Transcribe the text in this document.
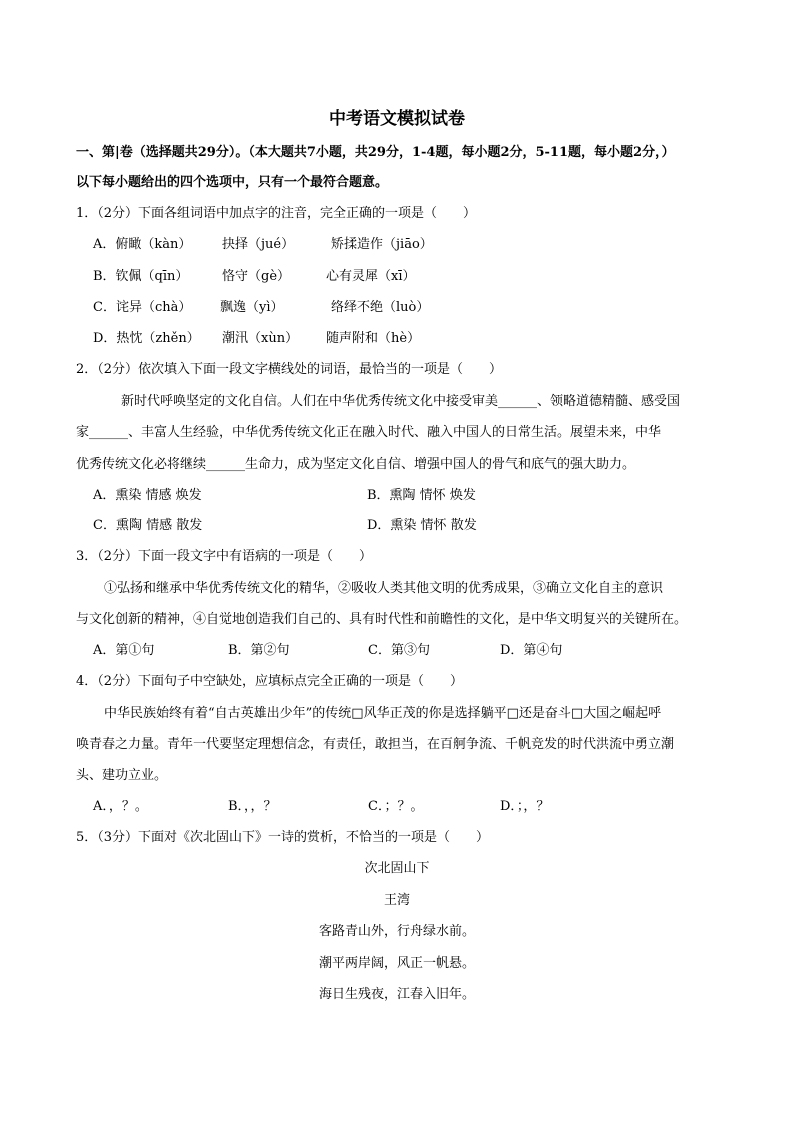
中考语文模拟试卷
一、第|卷（选择题共29分）。（本大题共7小题，共29分，1-4题，每小题2分，5-11题，每小题2分，）
以下每小题给出的四个选项中，只有一个最符合题意。
1．（2分）下面各组词语中加点字的注音，完全正确的一项是（　　）
A．俯瞰（kàn） 抉择（jué）	矫揉造作（jiāo）
B．钦佩（qīn）	恪守（gè）	心有灵犀（xī）
C．诧异（chà） 飘逸（yì）	络绎不绝（luò）
D．热忱（zhěn） 潮汛（xùn） 随声附和（hè）
2．（2分）依次填入下面一段文字横线处的词语，最恰当的一项是（　　）
新时代呼唤坚定的文化自信。人们在中华优秀传统文化中接受审美______、领略道德精髓、感受国
家______、丰富人生经验，中华优秀传统文化正在融入时代、融入中国人的日常生活。展望未来，中华
优秀传统文化必将继续______生命力，成为坚定文化自信、增强中国人的骨气和底气的强大助力。
A．熏染 情感 焕发	B．熏陶 情怀 焕发
C．熏陶 情感 散发	D．熏染 情怀 散发
3．（2分）下面一段文字中有语病的一项是（　　）
①弘扬和继承中华优秀传统文化的精华，②吸收人类其他文明的优秀成果，③确立文化自主的意识
与文化创新的精神，④自觉地创造我们自己的、具有时代性和前瞻性的文化，是中华文明复兴的关键所在。
A．第①句	B．第②句	C．第③句	D．第④句
4．（2分）下面句子中空缺处，应填标点完全正确的一项是（　　）
中华民族始终有着“自古英雄出少年”的传统□风华正茂的你是选择躺平□还是奋斗□大国之崛起呼
唤青春之力量。青年一代要坚定理想信念，有责任，敢担当，在百舸争流、千帆竞发的时代洪流中勇立潮
头、建功立业。
A．，？。	B．，，？	C．；？。	D．；，？
5．（3分）下面对《次北固山下》一诗的赏析，不恰当的一项是（　　）
次北固山下
王湾
客路青山外，行舟绿水前。
潮平两岸阔，风正一帆悬。
海日生残夜，江春入旧年。
